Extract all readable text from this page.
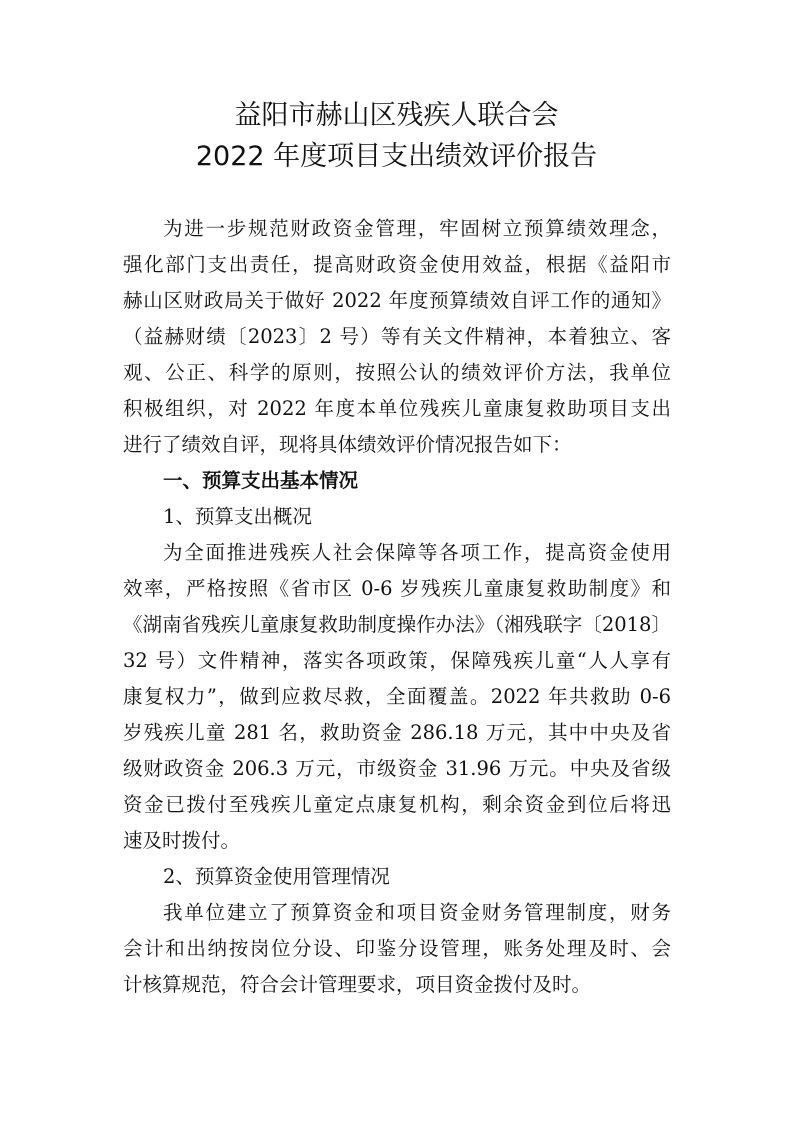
益阳市赫山区残疾人联合会
2022 年度项目支出绩效评价报告
为进一步规范财政资金管理，牢固树立预算绩效理念，
强化部门支出责任，提高财政资金使用效益，根据《益阳市
赫山区财政局关于做好 2022 年度预算绩效自评工作的通知》
（益赫财绩〔2023〕2 号）等有关文件精神，本着独立、客
观、公正、科学的原则，按照公认的绩效评价方法，我单位
积极组织，对 2022 年度本单位残疾儿童康复救助项目支出
进行了绩效自评，现将具体绩效评价情况报告如下：
一、预算支出基本情况
1、预算支出概况
为全面推进残疾人社会保障等各项工作，提高资金使用
效率，严格按照《省市区 0-6 岁残疾儿童康复救助制度》和
《湖南省残疾儿童康复救助制度操作办法》（湘残联字〔2018〕
32 号）文件精神，落实各项政策，保障残疾儿童“人人享有
康复权力”，做到应救尽救，全面覆盖。2022 年共救助 0-6
岁残疾儿童 281 名，救助资金 286.18 万元，其中中央及省
级财政资金 206.3 万元，市级资金 31.96 万元。中央及省级
资金已拨付至残疾儿童定点康复机构，剩余资金到位后将迅
速及时拨付。
2、预算资金使用管理情况
我单位建立了预算资金和项目资金财务管理制度，财务
会计和出纳按岗位分设、印鉴分设管理，账务处理及时、会
计核算规范，符合会计管理要求，项目资金拨付及时。
